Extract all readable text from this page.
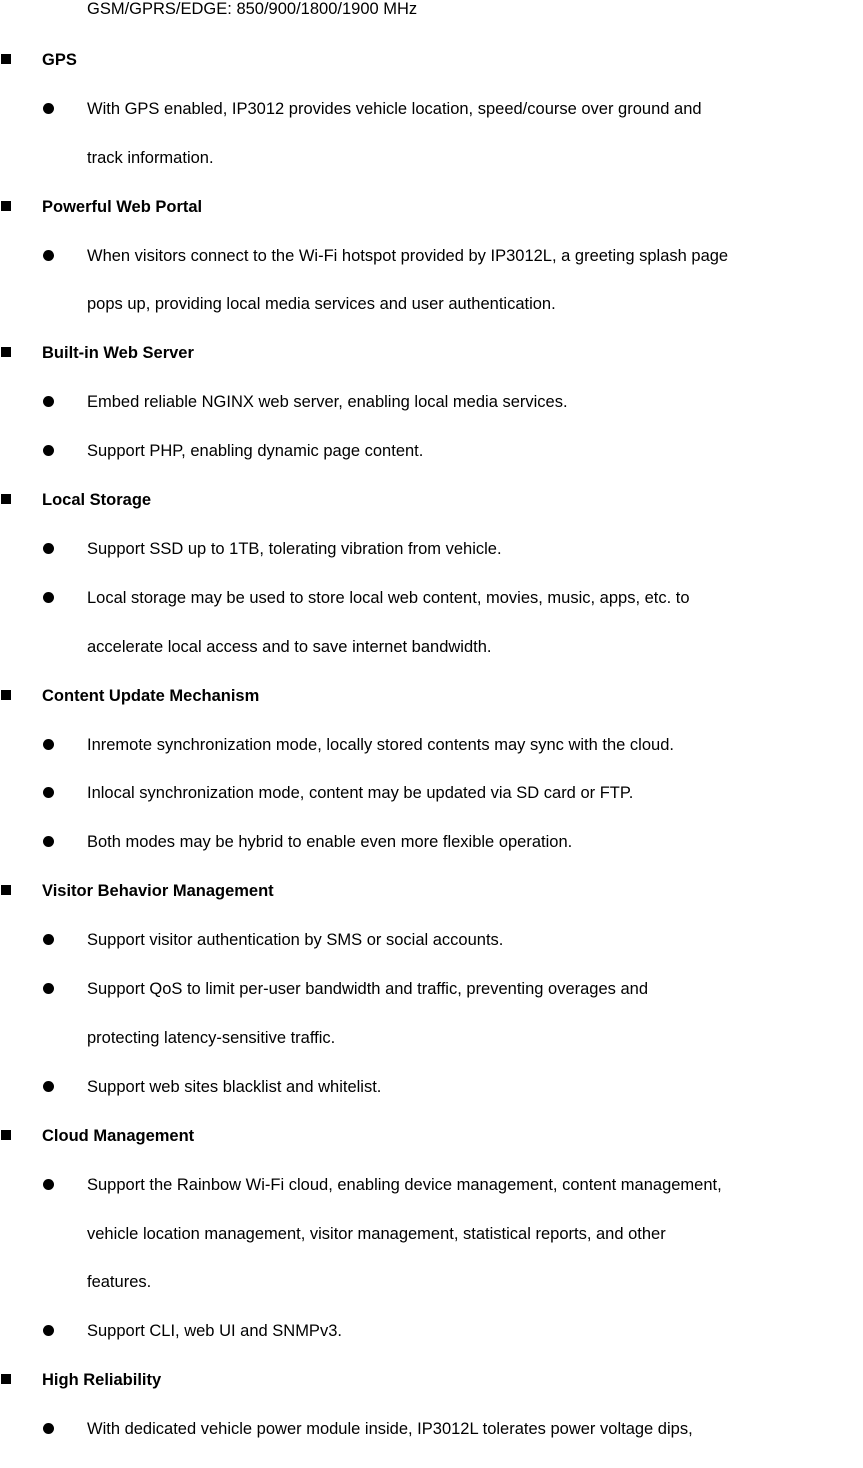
GSM/GPRS/EDGE: 850/900/1800/1900 MHz
GPS
With GPS enabled, IP3012 provides vehicle location, speed/course over ground and
track information.
Powerful Web Portal
When visitors connect to the Wi-Fi hotspot provided by IP3012L, a greeting splash page
pops up, providing local media services and user authentication.
Built-in Web Server
Embed reliable NGINX web server, enabling local media services.
Support PHP, enabling dynamic page content.
Local Storage
Support SSD up to 1TB, tolerating vibration from vehicle.
Local storage may be used to store local web content, movies, music, apps, etc. to
accelerate local access and to save internet bandwidth.
Content Update Mechanism
Inremote synchronization mode, locally stored contents may sync with the cloud.
Inlocal synchronization mode, content may be updated via SD card or FTP.
Both modes may be hybrid to enable even more flexible operation.
Visitor Behavior Management
Support visitor authentication by SMS or social accounts.
Support QoS to limit per-user bandwidth and traffic, preventing overages and
protecting latency-sensitive traffic.
Support web sites blacklist and whitelist.
Cloud Management
Support the Rainbow Wi-Fi cloud, enabling device management, content management,
vehicle location management, visitor management, statistical reports, and other
features.
Support CLI, web UI and SNMPv3.
High Reliability
With dedicated vehicle power module inside, IP3012L tolerates power voltage dips,
